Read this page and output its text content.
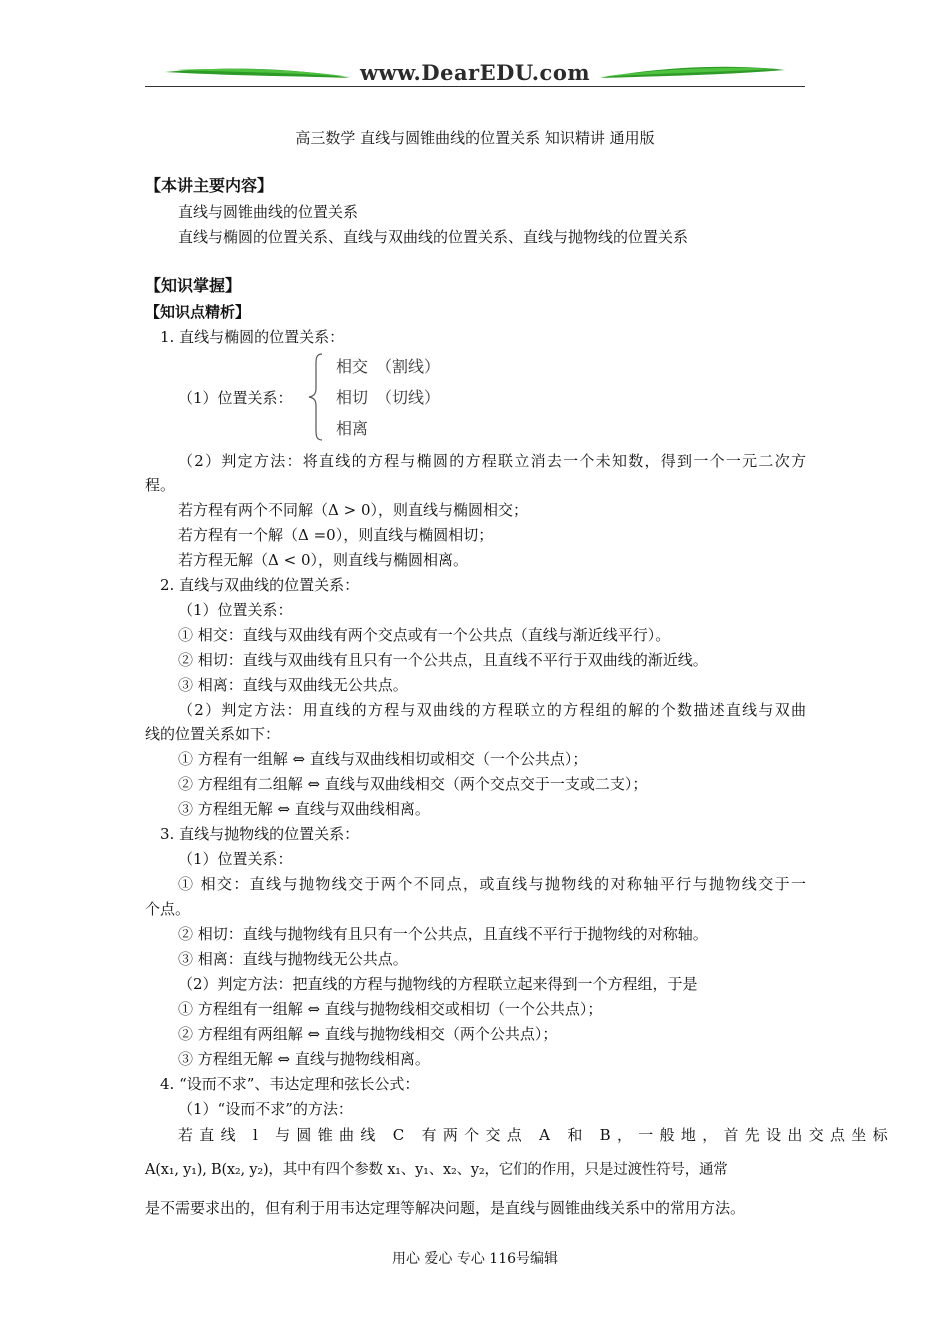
www.DearEDU.com
高三数学 直线与圆锥曲线的位置关系 知识精讲 通用版
【本讲主要内容】
直线与圆锥曲线的位置关系
直线与椭圆的位置关系、直线与双曲线的位置关系、直线与抛物线的位置关系
【知识掌握】
【知识点精析】
1. 直线与椭圆的位置关系：
（1）位置关系：
相交　（割线）
相切　（切线）
相离
（2）判定方法：将直线的方程与椭圆的方程联立消去一个未知数，得到一个一元二次方
程。
若方程有两个不同解（Δ > 0），则直线与椭圆相交；
若方程有一个解（Δ =0），则直线与椭圆相切；
若方程无解（Δ < 0），则直线与椭圆相离。
2. 直线与双曲线的位置关系：
（1）位置关系：
① 相交：直线与双曲线有两个交点或有一个公共点（直线与渐近线平行）。
② 相切：直线与双曲线有且只有一个公共点，且直线不平行于双曲线的渐近线。
③ 相离：直线与双曲线无公共点。
（2）判定方法：用直线的方程与双曲线的方程联立的方程组的解的个数描述直线与双曲
线的位置关系如下：
① 方程有一组解 ⇔ 直线与双曲线相切或相交（一个公共点）；
② 方程组有二组解 ⇔ 直线与双曲线相交（两个交点交于一支或二支）；
③ 方程组无解 ⇔ 直线与双曲线相离。
3. 直线与抛物线的位置关系：
（1）位置关系：
① 相交：直线与抛物线交于两个不同点，或直线与抛物线的对称轴平行与抛物线交于一
个点。
② 相切：直线与抛物线有且只有一个公共点，且直线不平行于抛物线的对称轴。
③ 相离：直线与抛物线无公共点。
（2）判定方法：把直线的方程与抛物线的方程联立起来得到一个方程组，于是
① 方程组有一组解 ⇔ 直线与抛物线相交或相切（一个公共点）；
② 方程组有两组解 ⇔ 直线与抛物线相交（两个公共点）；
③ 方程组无解 ⇔ 直线与抛物线相离。
4. “设而不求”、韦达定理和弦长公式：
（1）“设而不求”的方法：
若直线 l 与圆锥曲线 C 有两个交点 A 和 B，一般地，首先设出交点坐标
A(x₁, y₁), B(x₂, y₂)，其中有四个参数 x₁、y₁、x₂、y₂，它们的作用，只是过渡性符号，通常
是不需要求出的，但有利于用韦达定理等解决问题，是直线与圆锥曲线关系中的常用方法。
用心 爱心 专心 116号编辑
